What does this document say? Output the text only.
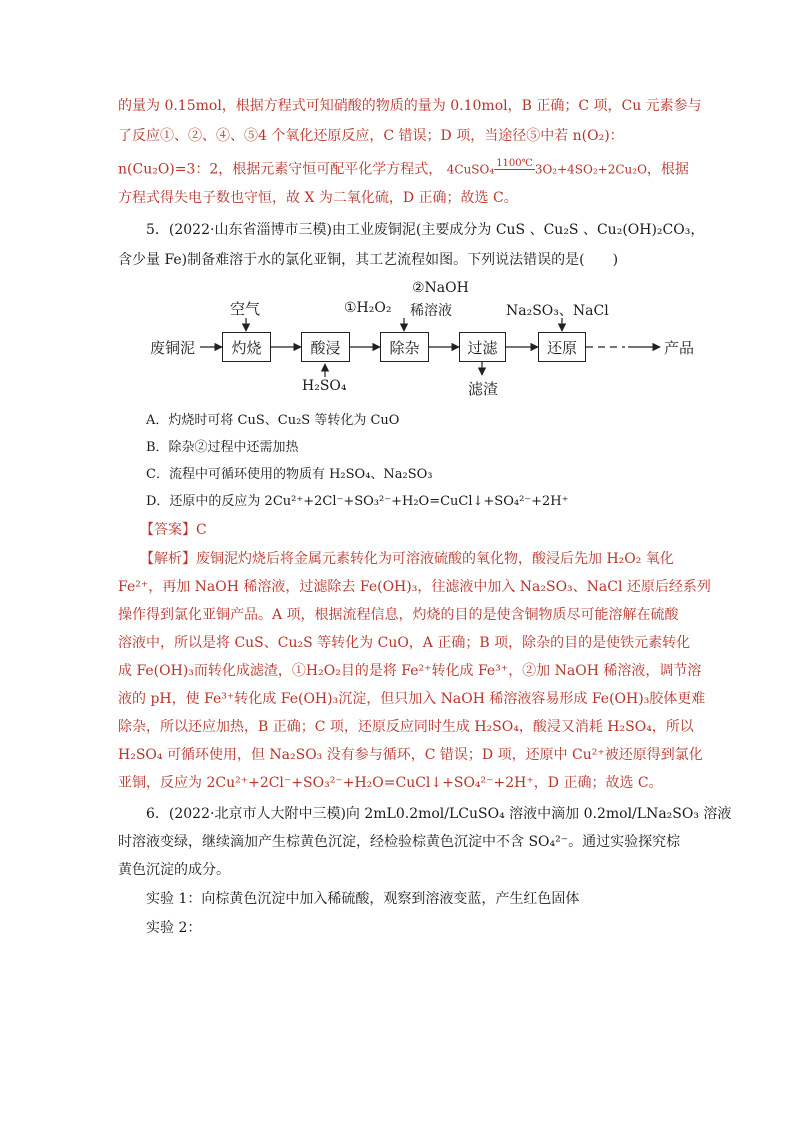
的量为 0.15mol，根据方程式可知硝酸的物质的量为 0.10mol，B 正确；C 项，Cu 元素参与
了反应①、②、④、⑤4 个氧化还原反应，C 错误；D 项，当途径⑤中若 n(O₂)：
n(Cu₂O)=3：2，根据元素守恒可配平化学方程式， 4CuSO₄ 1100℃ 3O₂+4SO₂+2Cu₂O，根据
方程式得失电子数也守恒，故 X 为二氧化硫，D 正确；故选 C。
5．(2022·山东省淄博市三模)由工业废铜泥(主要成分为 CuS 、Cu₂S 、Cu₂(OH)₂CO₃，
含少量 Fe)制备难溶于水的氯化亚铜，其工艺流程如图。下列说法错误的是(　　)
废铜泥	灼烧	酸浸	除杂	过滤	还原	产品
空气
H₂SO₄
①H₂O₂
②NaOH
稀溶液	Na₂SO₃、NaCl
滤渣
A．灼烧时可将 CuS、Cu₂S 等转化为 CuO
B．除杂②过程中还需加热
C．流程中可循环使用的物质有 H₂SO₄、Na₂SO₃
D．还原中的反应为 2Cu²⁺+2Cl⁻+SO₃²⁻+H₂O=CuCl↓+SO₄²⁻+2H⁺
【答案】C
【解析】废铜泥灼烧后将金属元素转化为可溶液硫酸的氧化物，酸浸后先加 H₂O₂ 氧化
Fe²⁺，再加 NaOH 稀溶液，过滤除去 Fe(OH)₃，往滤液中加入 Na₂SO₃、NaCl 还原后经系列
操作得到氯化亚铜产品。A 项，根据流程信息，灼烧的目的是使含铜物质尽可能溶解在硫酸
溶液中，所以是将 CuS、Cu₂S 等转化为 CuO，A 正确；B 项，除杂的目的是使铁元素转化
成 Fe(OH)₃而转化成滤渣，①H₂O₂目的是将 Fe²⁺转化成 Fe³⁺，②加 NaOH 稀溶液，调节溶
液的 pH，使 Fe³⁺转化成 Fe(OH)₃沉淀，但只加入 NaOH 稀溶液容易形成 Fe(OH)₃胶体更难
除杂，所以还应加热，B 正确；C 项，还原反应同时生成 H₂SO₄，酸浸又消耗 H₂SO₄，所以
H₂SO₄ 可循环使用，但 Na₂SO₃ 没有参与循环，C 错误；D 项，还原中 Cu²⁺被还原得到氯化
亚铜，反应为 2Cu²⁺+2Cl⁻+SO₃²⁻+H₂O=CuCl↓+SO₄²⁻+2H⁺，D 正确；故选 C。
6．(2022·北京市人大附中三模)向 2mL0.2mol/LCuSO₄ 溶液中滴加 0.2mol/LNa₂SO₃ 溶液
时溶液变绿，继续滴加产生棕黄色沉淀，经检验棕黄色沉淀中不含 SO₄²⁻。通过实验探究棕
黄色沉淀的成分。
实验 1：向棕黄色沉淀中加入稀硫酸，观察到溶液变蓝，产生红色固体
实验 2：
